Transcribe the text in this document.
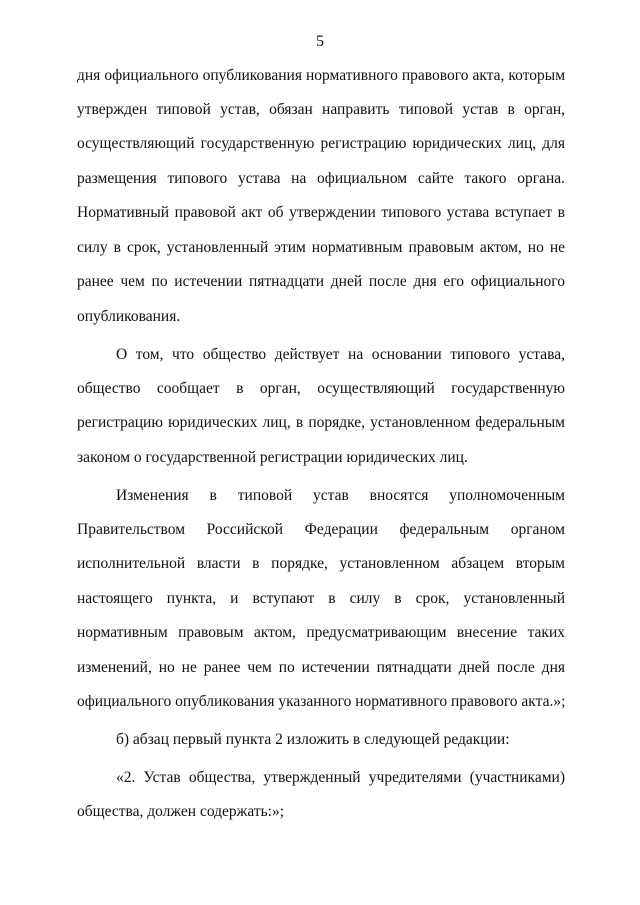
5
дня официального опубликования нормативного правового акта, которым
утвержден типовой устав, обязан направить типовой устав в орган,
осуществляющий государственную регистрацию юридических лиц, для
размещения типового устава на официальном сайте такого органа.
Нормативный правовой акт об утверждении типового устава вступает в
силу в срок, установленный этим нормативным правовым актом, но не
ранее чем по истечении пятнадцати дней после дня его официального
опубликования.
О том, что общество действует на основании типового устава,
общество сообщает в орган, осуществляющий государственную
регистрацию юридических лиц, в порядке, установленном федеральным
законом о государственной регистрации юридических лиц.
Изменения в типовой устав вносятся уполномоченным
Правительством Российской Федерации федеральным органом
исполнительной власти в порядке, установленном абзацем вторым
настоящего пункта, и вступают в силу в срок, установленный
нормативным правовым актом, предусматривающим внесение таких
изменений, но не ранее чем по истечении пятнадцати дней после дня
официального опубликования указанного нормативного правового акта.»;
б) абзац первый пункта 2 изложить в следующей редакции:
«2. Устав общества, утвержденный учредителями (участниками)
общества, должен содержать:»;
